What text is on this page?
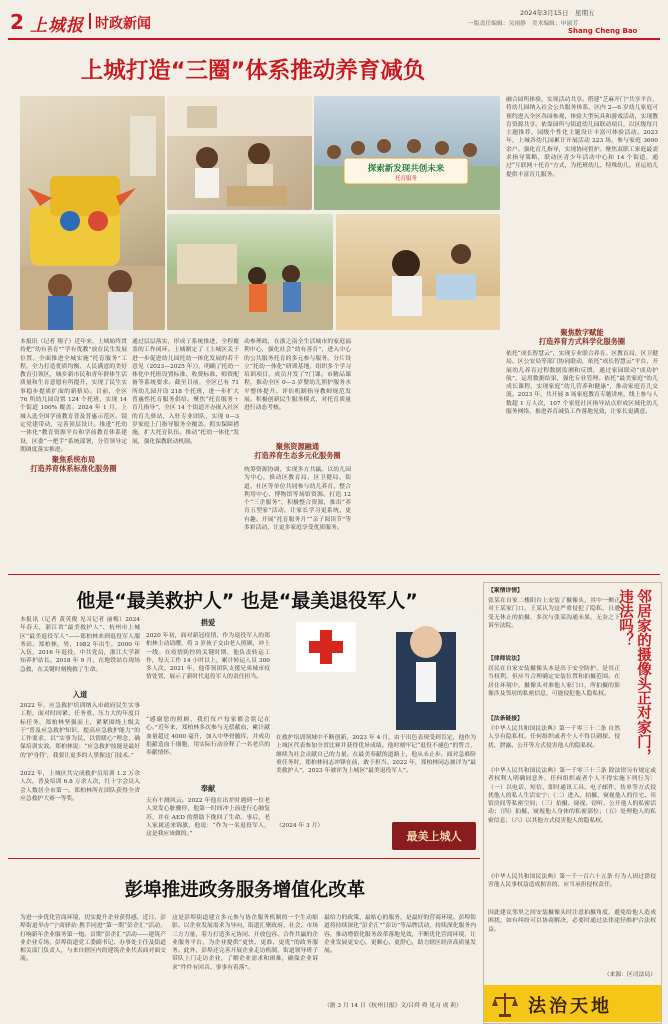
2 上城报 时政新闻
2024年3月15日　 星期五
一版责任编辑：吴雨静　美术编辑：申淑芳
Shang Cheng Bao
上城打造“三圈”体系推动养育减负
探索新发现共创未来
托育服务
本报讯（记者 翔子）近年来，上城始终贯持把“幼有善育”“学有优教”放在民生发展位置，全面推进全城实施“托育服务”工程，全力打造优质均衡、人民满意的美好教育引领区，城乡新市民和青年群体生活质量和生育意愿有所提升，实现了民生实事稳步提质扩面的新格局。目前，全区 76 所幼儿园设置 124 个托班，实现 14 个街道 100% 覆盖。2024 年 1 月，上城入选全国学前教育普及普惠示范区。镜定党建带动，完善顶层设计。推进“托幼一体化”教育资源平台和学前教育体系建设，区委“一把手”系统部署，分管领导定期调度落实推进。
聚焦系统布局
打造养育体系标准化服务圈
通过层层落实，形成了系统推进、全程覆盖的工作闭环。上城制定了《上城区关于进一步促进幼儿园托幼一体化发展的若干意见（2023—2025 年）》，明确了托幼一体化中托班设置标准、收费标准、师资配备等系统要求。截至目前，全区已有 71 所幼儿园开设 218 个托班，进一步扩大普惠性托育服务供给。聚焦“托育服务＋育儿指导”，全区 14 个街道开办嵌入社区的育儿驿站，入驻专业团队，实现 0—3 岁家庭上门指导服务全覆盖。抓实保障措施，扩大托育队伍。推动“托幼一体化”发展，强化保教联动机制。
动参理政，在浙之南全生活城市的家庭福利中心，强化社会“幼有善育”，进入中心的公共服务托育的多元参与服务。分片设立“托幼一体化”研训基地，组织多个学习培训项目，成员开发了7门课。市精品课程，推动全区 0—3 岁婴幼儿照护服务水平整体提升。评估机制指导教师规范发展。积极创新民生服务模式，对托育质量进行动态考核。
聚焦资源融通
打造养育生态多元化服务圈
统筹资源协调，实现多方共赢。以幼儿园为中心，推动区教育局、区卫健局、街道、社区等单位共同参与幼儿养育，整合利用中心、博物馆等场馆资源。打造 12 个“三企服务”，积极整合资源，推出“养育五型家”活动，让家长学习更系统、更有趣。开展“托育服务月”“亲子阅读节”等多彩活动，让更多家庭享受优质服务。
融合园所体验，实现活动共享。搭建“芝麻开门”共享平台，将幼儿园纳入社会公共服务体系，区内 2—6 岁幼儿家庭可预约进入全区各园参观，体验大型玩具和游戏活动，实现教育资源共享。依靠园所与街道幼儿园联动项目，以区级每月主题推荐，园级个性化主题设计丰富可体验活动。2023 年，上城各幼儿园累计开展活动 223 场，参与家庭 3600 余户。强化育儿指导，实现协同督护。聚焦双职工家庭最需求指导策略，联动区青少年活动中心和 14 个街道，通过“互联网＋托育”方式，为托班幼儿、特殊幼儿、亚运幼儿提供丰富育儿服务。
聚焦数字赋能
打造养育方式科学化服务圈
依托“成长智慧云”，实现专业联合养育。区教育局、区卫健局、区公安局等部门协同联动，依托“成长智慧云”平台，开展幼儿养育过程数据监测和反馈，通过家园联动“成功护航”，运用数据结果，强化专业管理。依托“最美家庭”幼儿成长课程，实现家庭“幼儿营养和健康”，推动家庭育儿交流。2023 年，共开展 8 场家庭教育专题讲座，线上参与人数超 1 万人次，107 个家庭社区指导站点形成区域化幼儿服务网络，推进养育减负工作落地见效，让家长更满意。
他是“最美救护人” 也是“最美退役军人”
本报讯（记者 黄英俊 见习记者 丽梅）2024 年春天，浙江省“最美救护人”、杭州市上城区“最美退役军人”——郑柏林来到退役军人服务站。郑柏林，男，1982 年出生，2000 年入伍，2016 年退役，中共党员，浙江大学新知养护站长。2018 年 9 月，在地铁站台现场急救，在关键时刻挽救了生命。
入道
2022 年，应急救护培训纳入市政府民生实事工程，面对时间紧、任务重、压力大的年度目标任务，郑柏林坚强而上，紧紧围绕上级关于“普及应急救护知识，提高应急救护能力”的工作要求，以“实事为民、以情暖心”理念，确保培训实效。郑柏林说：“应急救护技能是最好的‘护身符’，我要让更多的人掌握这门技术。”
2022 年，上城区共完成救护员培训 1.2 万余人次，普及培训 6.8 万余人次，红十字会员入会人数居全市第一。郑柏林所在团队获得全省应急救护大赛一等奖。
捐爱
2020 年初，面对新冠疫情，作为退役军人的郑柏林主动请缨，将 3 岁孩子交由老人照顾，冲上一线。在疫情防控的关键时期，他负责转运工作，每天工作 14 小时以上，累计转运人员 300 多人次。2021 年，他带领团队支援兄弟城市疫情处置，展示了新时代退役军人的责任担当。
“感谢您的照顾，我们每户每家都会铭记在心。”近年来，郑柏林多次参与无偿献血，累计献血量超过 4000 毫升，加入中华骨髓库，并成功捐献造血干细胞，用实际行动诠释了一名老兵的奉献情怀。
奉献
天有不测风云。2022 年他在出差时遇到一位老人突发心脏骤停，他第一时间冲上前进行心肺复苏，并在 AED 的帮助下挽回了生命。事后，老人家属送来锦旗，他说：“作为一名退役军人，这是我应该做的。”
在救护培训领域中不断创新，2023 年 4 月，由于出色表现受到肯定，他作为上城区代表参加全省比赛并获得优异成绩。他时刻牢记“退役不褪色”的誓言，继续为社会贡献自己的力量。在最美奉献的道路上，他从未止步。面对急难险重任务时，郑柏林同志冲锋在前，敢于担当。2022 年，郑柏林同志被评为“最美救护人”，2023 年被评为上城区“最美退役军人”。
（2024 年 3 月）
最美上城人
【案情详情】
张某在自家二楼阳台上安装了摄像头，其中一侧正对王某家门口。王某认为这严重侵犯了隐私，且遭受无休止的拍摄，多次与张某沟通未果，无奈之下诉至法院。
【律师说法】
居民在自家安装摄像头本是出于安全防护，是其正当权利，但应当合理确定安装位置和拍摄范围。在居住环境中，摄像头对准他人家门口，所拍摄的影像涉及邻居的私密信息，可能侵犯他人隐私权。
【法条链接】
《中华人民共和国民法典》第一千零三十二条 自然人享有隐私权。任何组织或者个人不得以刺探、侵扰、泄露、公开等方式侵害他人的隐私权。
《中华人民共和国民法典》第一千零三十三条 除法律另有规定或者权利人明确同意外，任何组织或者个人不得实施下列行为：（一）以电话、短信、即时通讯工具、电子邮件、传单等方式侵扰他人的私人生活安宁；（二）进入、拍摄、窥视他人的住宅、宾馆房间等私密空间；（三）拍摄、窥视、窃听、公开他人的私密活动；（四）拍摄、窥视他人身体的私密部位；（五）处理他人的私密信息；（六）以其他方式侵害他人的隐私权。
《中华人民共和国民法典》第一千一百六十五条 行为人因过错侵害他人民事权益造成损害的，应当承担侵权责任。
因此建议邻里之间安装摄像头时注意拍摄角度，避免给他人造成困扰，如有纠纷可以协商解决，必要时通过法律途径维护合法权益。
（来源：区司法局）
邻居家的摄像头正对家门，违法吗？
法治天地
彭埠推进政务服务增值化改革
为进一步优化营商环境，切实提升企业获得感，近日，彭埠街道举办“宁商驿站·携手同进”第一期“彭企汇”活动，打响新年企业服务第一炮。首期“彭企汇”活动——建筑产业企业专场，彭埠街道党工委副书记、办事处主任及街道相关部门负责人，与来自辖区内的建筑企业代表面对面交流。
这是彭埠街道建立多元参与协企服务机制的一个生动缩影。以企业发展需求为导向，街道汇聚政府、社会、市场三方力量，着力打造多元协同、开放包容、合作共赢的企业服务平台，为企业提供“更快、更准、更优”的政务服务。此外，彭埠还完善开展企业走访机制，街道领导班子带队上门走访企业，了解企业需求和困难，确保企业诉求“件件有回音、事事有着落”。
最给力的政策，最贴心的服务，是最好的营商环境。彭埠街道将持续深化“彭企汇”“彭访”等品牌活动，持续深化服务内容，推动增值化服务改革落地见效，不断优化营商环境，让企业发展更安心、更顺心、更舒心，助力辖区经济高质量发展。
（据 3 月 14 日《杭州日报》文/吕舜 舜 见习 成 莉）
